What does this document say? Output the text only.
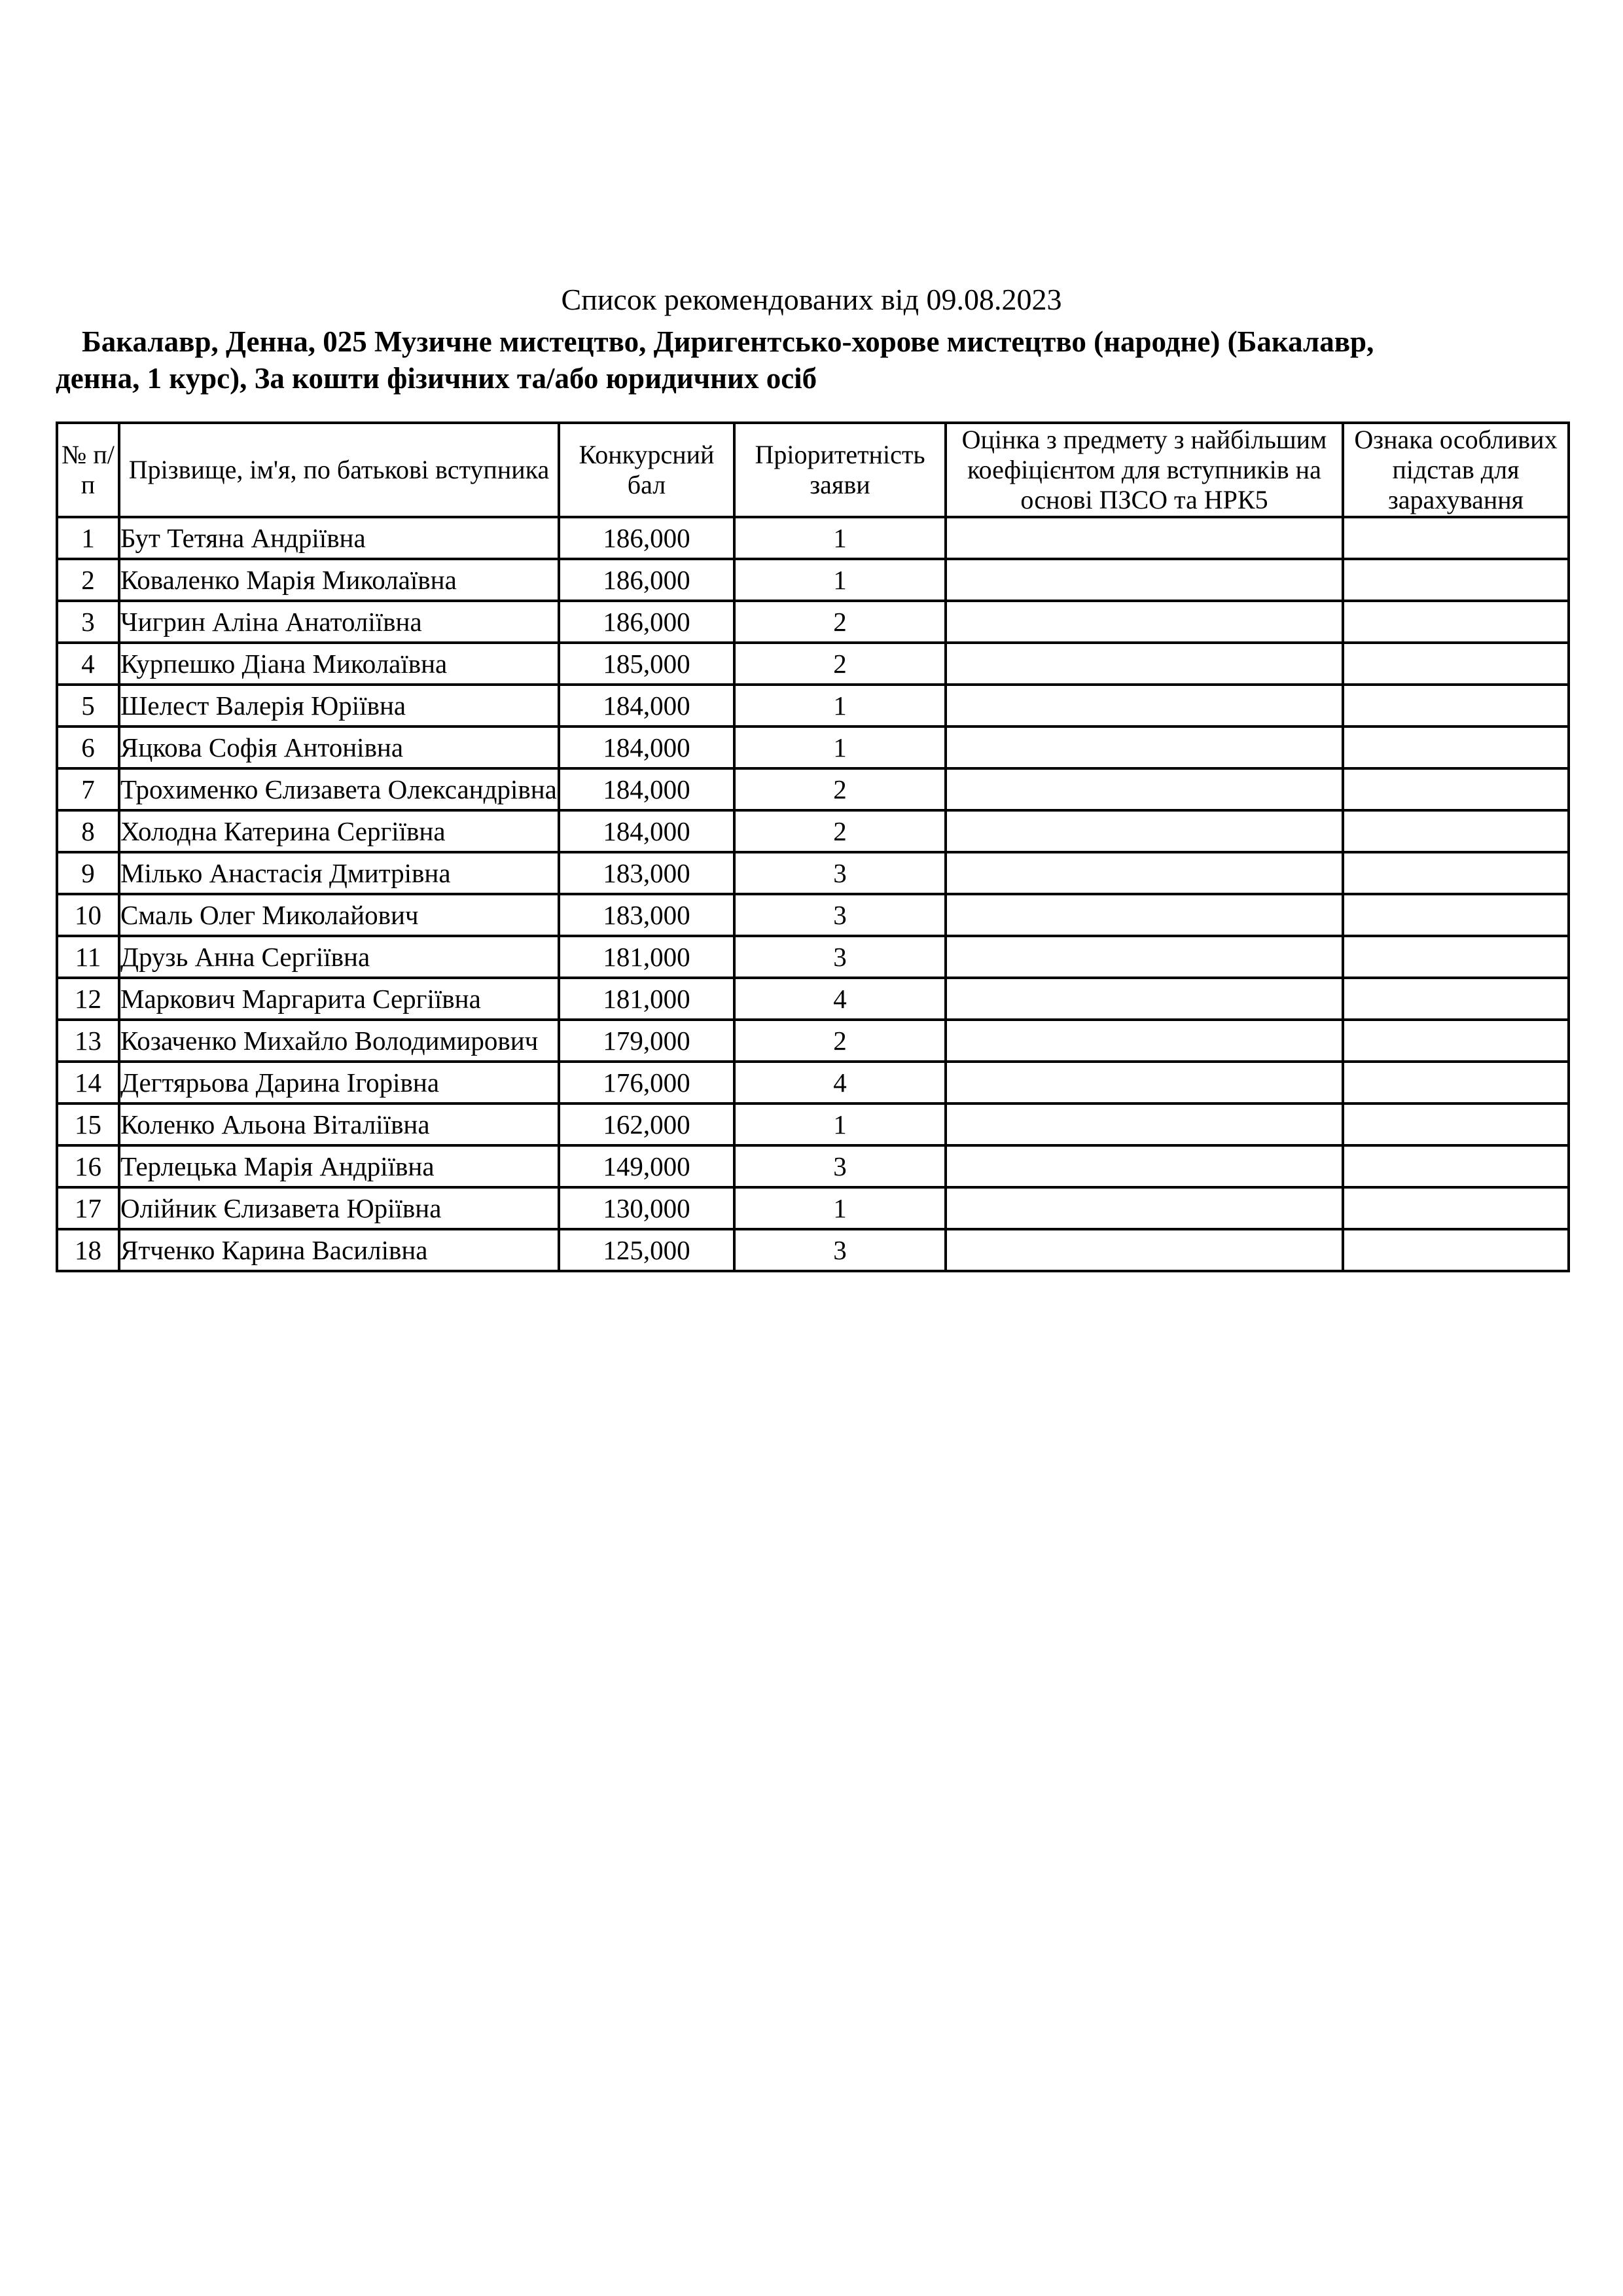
Список рекомендованих від 09.08.2023
Бакалавр, Денна, 025 Музичне мистецтво, Диригентсько-хорове мистецтво (народне) (Бакалавр,
денна, 1 курс), За кошти фізичних та/або юридичних осіб
№ п/п	Прізвище, ім'я, по батькові вступника	Конкурсний бал	Пріоритетність заяви	Оцінка з предмету з найбільшим коефіцієнтом для вступників на основі ПЗСО та НРК5	Ознака особливих підстав для зарахування
1	Бут Тетяна Андріївна	186,000	1		
2	Коваленко Марія Миколаївна	186,000	1		
3	Чигрин Аліна Анатоліївна	186,000	2		
4	Курпешко Діана Миколаївна	185,000	2		
5	Шелест Валерія Юріївна	184,000	1		
6	Яцкова Софія Антонівна	184,000	1		
7	Трохименко Єлизавета Олександрівна	184,000	2		
8	Холодна Катерина Сергіївна	184,000	2		
9	Мілько Анастасія Дмитрівна	183,000	3		
10	Смаль Олег Миколайович	183,000	3		
11	Друзь Анна Сергіївна	181,000	3		
12	Маркович Маргарита Сергіївна	181,000	4		
13	Козаченко Михайло Володимирович	179,000	2		
14	Дегтярьова Дарина Ігорівна	176,000	4		
15	Коленко Альона Віталіївна	162,000	1		
16	Терлецька Марія Андріївна	149,000	3		
17	Олійник Єлизавета Юріївна	130,000	1		
18	Ятченко Карина Василівна	125,000	3		
